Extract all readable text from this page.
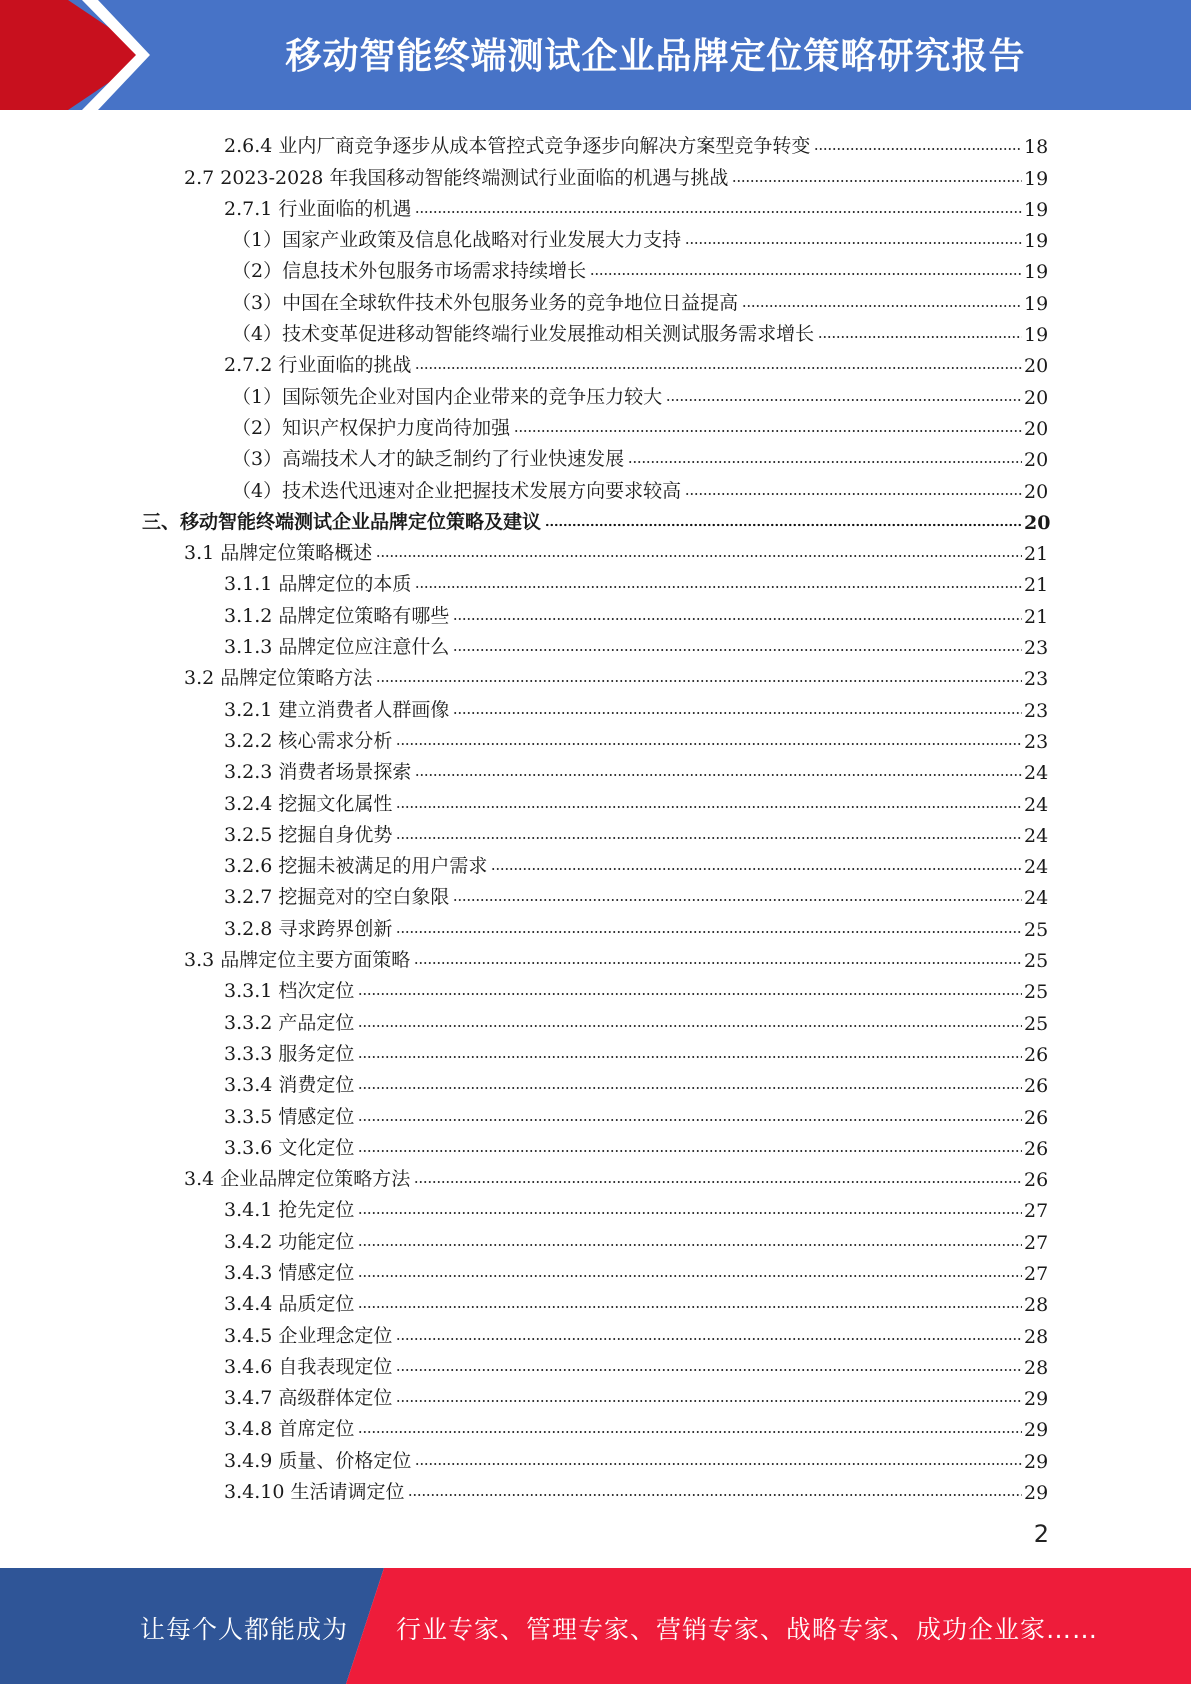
移动智能终端测试企业品牌定位策略研究报告
2.6.4 业内厂商竞争逐步从成本管控式竞争逐步向解决方案型竞争转变	18
2.7 2023-2028 年我国移动智能终端测试行业面临的机遇与挑战	19
2.7.1 行业面临的机遇	19
（1）国家产业政策及信息化战略对行业发展大力支持	19
（2）信息技术外包服务市场需求持续增长	19
（3）中国在全球软件技术外包服务业务的竞争地位日益提高	19
（4）技术变革促进移动智能终端行业发展推动相关测试服务需求增长	19
2.7.2 行业面临的挑战	20
（1）国际领先企业对国内企业带来的竞争压力较大	20
（2）知识产权保护力度尚待加强	20
（3）高端技术人才的缺乏制约了行业快速发展	20
（4）技术迭代迅速对企业把握技术发展方向要求较高	20
三、移动智能终端测试企业品牌定位策略及建议	20
3.1 品牌定位策略概述	21
3.1.1 品牌定位的本质	21
3.1.2 品牌定位策略有哪些	21
3.1.3 品牌定位应注意什么	23
3.2 品牌定位策略方法	23
3.2.1 建立消费者人群画像	23
3.2.2 核心需求分析	23
3.2.3 消费者场景探索	24
3.2.4 挖掘文化属性	24
3.2.5 挖掘自身优势	24
3.2.6 挖掘未被满足的用户需求	24
3.2.7 挖掘竞对的空白象限	24
3.2.8 寻求跨界创新	25
3.3 品牌定位主要方面策略	25
3.3.1 档次定位	25
3.3.2 产品定位	25
3.3.3 服务定位	26
3.3.4 消费定位	26
3.3.5 情感定位	26
3.3.6 文化定位	26
3.4 企业品牌定位策略方法	26
3.4.1 抢先定位	27
3.4.2 功能定位	27
3.4.3 情感定位	27
3.4.4 品质定位	28
3.4.5 企业理念定位	28
3.4.6 自我表现定位	28
3.4.7 高级群体定位	29
3.4.8 首席定位	29
3.4.9 质量、价格定位	29
3.4.10 生活请调定位	29
2
让每个人都能成为 行业专家、管理专家、营销专家、战略专家、成功企业家……
